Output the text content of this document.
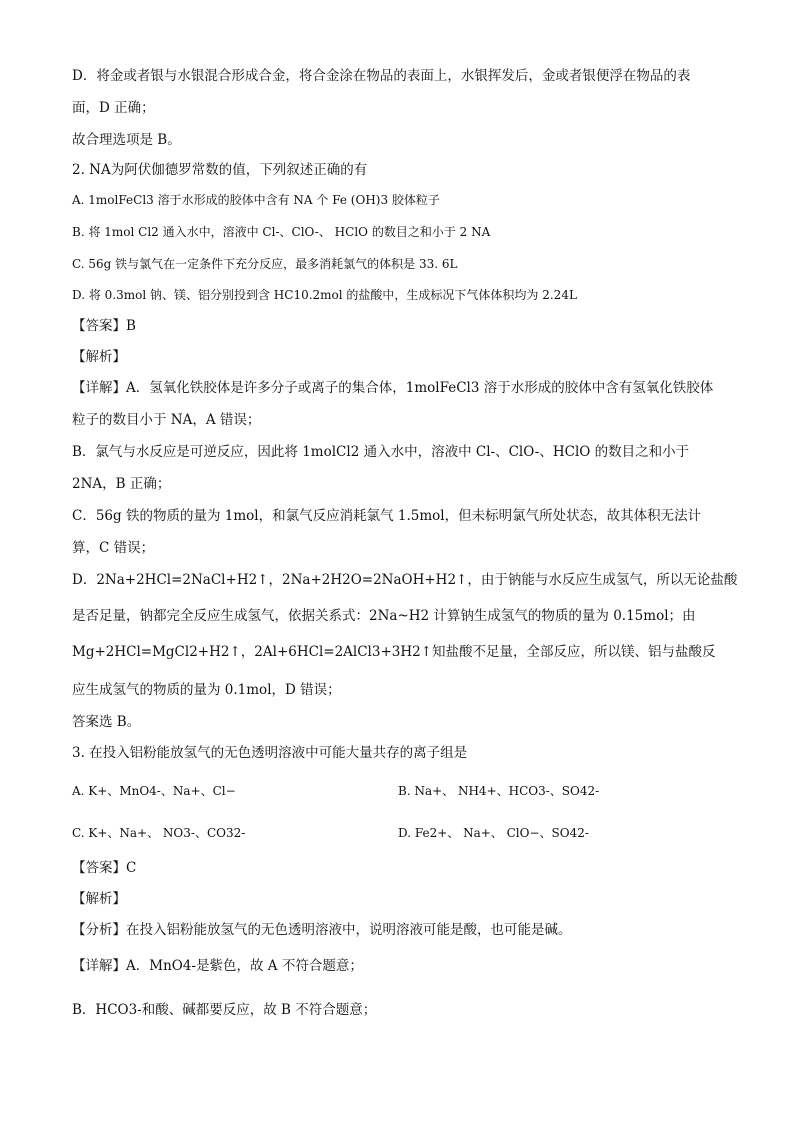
D．将金或者银与水银混合形成合金，将合金涂在物品的表面上，水银挥发后，金或者银便浮在物品的表
面，D 正确；
故合理选项是 B。
2. NA为阿伏伽德罗常数的值，下列叙述正确的有
A. 1molFeCl3 溶于水形成的胶体中含有 NA 个 Fe (OH)3 胶体粒子
B. 将 1mol Cl2 通入水中，溶液中 Cl-、ClO-、 HClO 的数目之和小于 2 NA
C. 56g 铁与氯气在一定条件下充分反应，最多消耗氯气的体积是 33. 6L
D. 将 0.3mol 钠、镁、铝分别投到含 HC10.2mol 的盐酸中，生成标况下气体体积均为 2.24L
【答案】B
【解析】
【详解】A．氢氧化铁胶体是许多分子或离子的集合体，1molFeCl3 溶于水形成的胶体中含有氢氧化铁胶体
粒子的数目小于 NA，A 错误；
B．氯气与水反应是可逆反应，因此将 1molCl2 通入水中，溶液中 Cl-、ClO-、HClO 的数目之和小于
2NA，B 正确；
C．56g 铁的物质的量为 1mol，和氯气反应消耗氯气 1.5mol，但未标明氯气所处状态，故其体积无法计
算，C 错误；
D．2Na+2HCl=2NaCl+H2↑，2Na+2H2O=2NaOH+H2↑，由于钠能与水反应生成氢气，所以无论盐酸
是否足量，钠都完全反应生成氢气，依据关系式：2Na~H2 计算钠生成氢气的物质的量为 0.15mol；由
Mg+2HCl=MgCl2+H2↑，2Al+6HCl=2AlCl3+3H2↑知盐酸不足量，全部反应，所以镁、铝与盐酸反
应生成氢气的物质的量为 0.1mol，D 错误；
答案选 B。
3. 在投入铝粉能放氢气的无色透明溶液中可能大量共存的离子组是
A. K+、MnO4-、Na+、Cl−	B. Na+、 NH4+、HCO3-、SO42-
C. K+、Na+、 NO3-、CO32-	D. Fe2+、 Na+、 ClO−、SO42-
【答案】C
【解析】
【分析】在投入铝粉能放氢气的无色透明溶液中，说明溶液可能是酸，也可能是碱。
【详解】A．MnO4-是紫色，故 A 不符合题意；
B．HCO3-和酸、碱都要反应，故 B 不符合题意；
